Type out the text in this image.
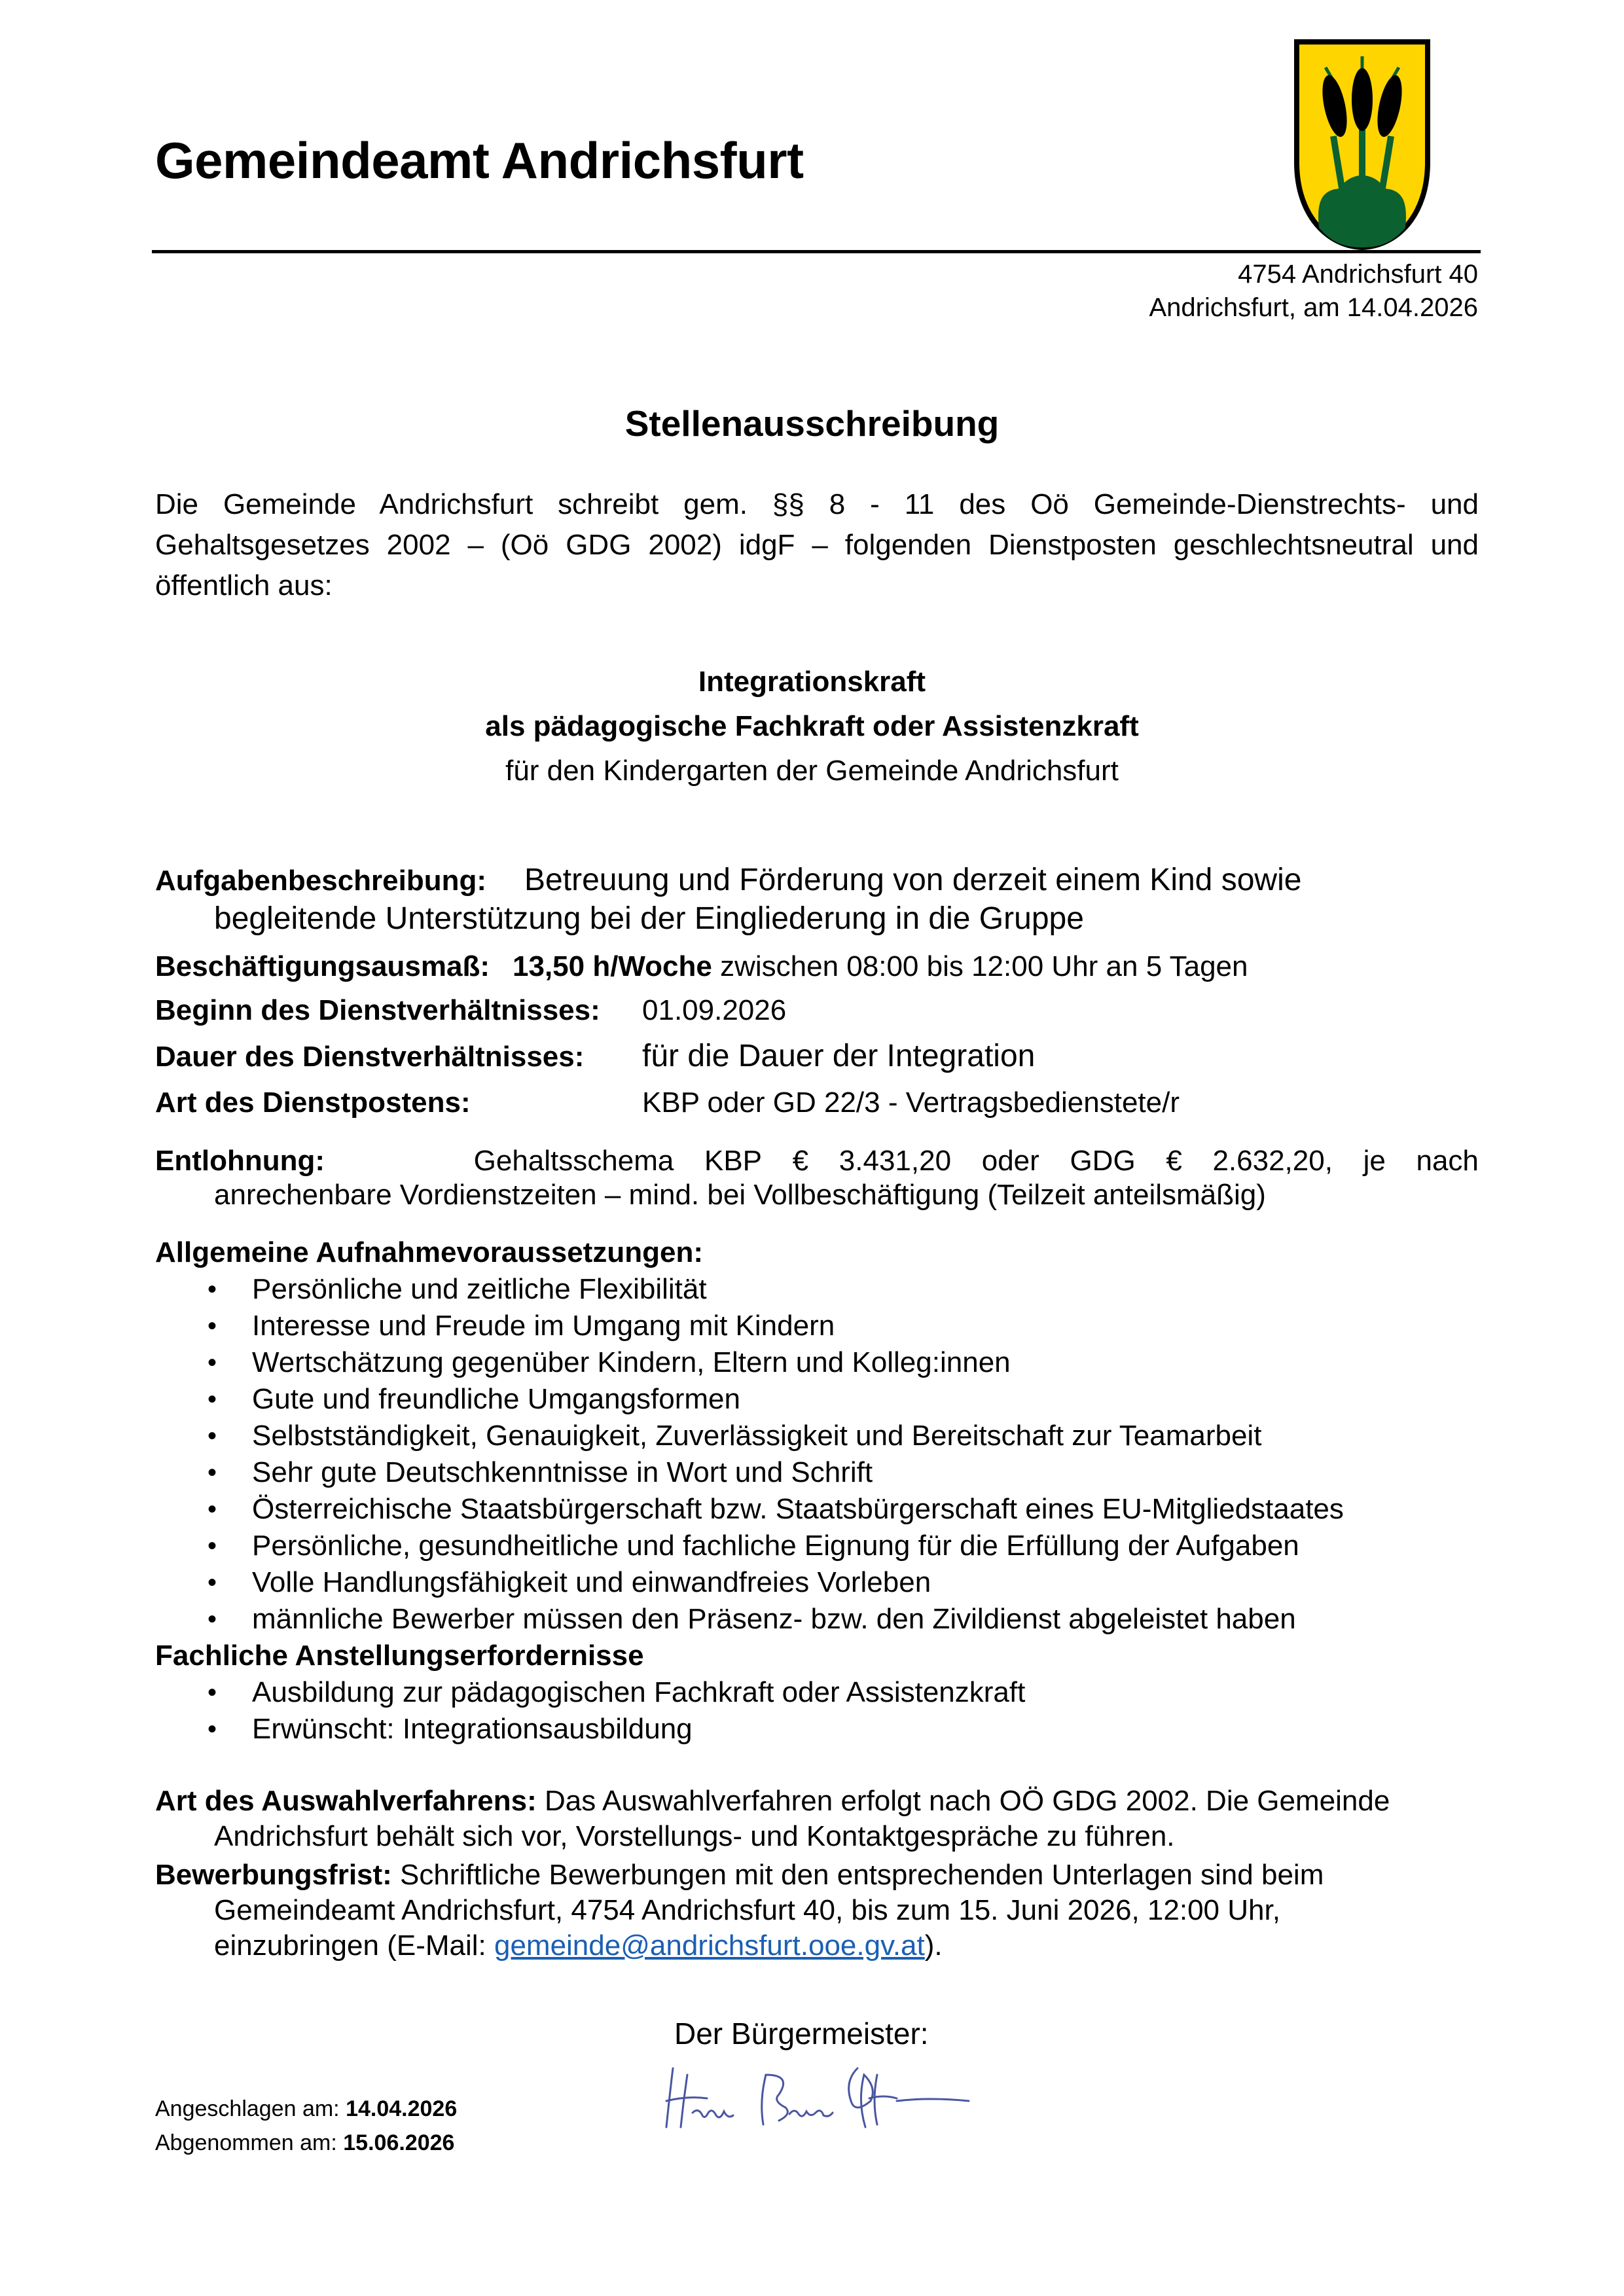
Gemeindeamt Andrichsfurt
4754 Andrichsfurt 40
Andrichsfurt, am 14.04.2026
Stellenausschreibung
Die Gemeinde Andrichsfurt schreibt gem. §§ 8 - 11 des Oö Gemeinde-Dienstrechts- und Gehaltsgesetzes 2002 – (Oö GDG 2002) idgF – folgenden Dienstposten geschlechtsneutral und öffentlich aus:
Integrationskraft
als pädagogische Fachkraft oder Assistenzkraft
für den Kindergarten der Gemeinde Andrichsfurt
Aufgabenbeschreibung: Betreuung und Förderung von derzeit einem Kind sowie
begleitende Unterstützung bei der Eingliederung in die Gruppe
Beschäftigungsausmaß: 13,50 h/Woche zwischen 08:00 bis 12:00 Uhr an 5 Tagen
Beginn des Dienstverhältnisses: 01.09.2026
Dauer des Dienstverhältnisses: für die Dauer der Integration
Art des Dienstpostens:	KBP oder GD 22/3 - Vertragsbedienstete/r
Entlohnung:	Gehaltsschema KBP € 3.431,20 oder GDG € 2.632,20, je nach
anrechenbare Vordienstzeiten – mind. bei Vollbeschäftigung (Teilzeit anteilsmäßig)
Allgemeine Aufnahmevoraussetzungen:
• Persönliche und zeitliche Flexibilität
• Interesse und Freude im Umgang mit Kindern
• Wertschätzung gegenüber Kindern, Eltern und Kolleg:innen
• Gute und freundliche Umgangsformen
• Selbstständigkeit, Genauigkeit, Zuverlässigkeit und Bereitschaft zur Teamarbeit
• Sehr gute Deutschkenntnisse in Wort und Schrift
• Österreichische Staatsbürgerschaft bzw. Staatsbürgerschaft eines EU-Mitgliedstaates
• Persönliche, gesundheitliche und fachliche Eignung für die Erfüllung der Aufgaben
• Volle Handlungsfähigkeit und einwandfreies Vorleben
• männliche Bewerber müssen den Präsenz- bzw. den Zivildienst abgeleistet haben
Fachliche Anstellungserfordernisse
• Ausbildung zur pädagogischen Fachkraft oder Assistenzkraft
• Erwünscht: Integrationsausbildung
Art des Auswahlverfahrens: Das Auswahlverfahren erfolgt nach OÖ GDG 2002. Die Gemeinde
Andrichsfurt behält sich vor, Vorstellungs- und Kontaktgespräche zu führen.
Bewerbungsfrist: Schriftliche Bewerbungen mit den entsprechenden Unterlagen sind beim
Gemeindeamt Andrichsfurt, 4754 Andrichsfurt 40, bis zum 15. Juni 2026, 12:00 Uhr,
einzubringen (E-Mail: gemeinde@andrichsfurt.ooe.gv.at).
Der Bürgermeister:
Angeschlagen am: 14.04.2026
Abgenommen am: 15.06.2026
